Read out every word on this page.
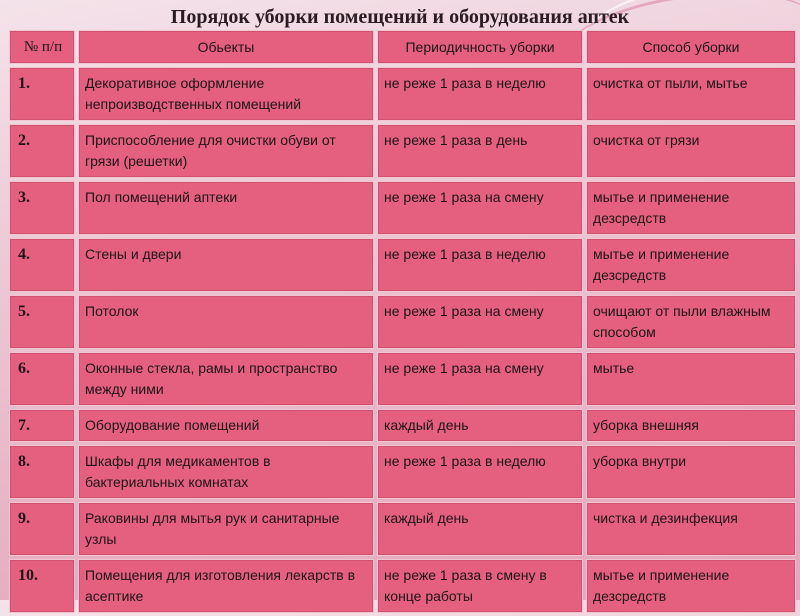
Порядок уборки помещений и оборудования аптек
№ п/п	Обьекты	Периодичность уборки	Способ уборки
1.	Декоративное оформление непроизводственных помещений	не реже 1 раза в неделю	очистка от пыли, мытье
2.	Приспособление для очистки обуви от грязи (решетки)	не реже 1 раза в день	очистка от грязи
3.	Пол помещений аптеки	не реже 1 раза на смену	мытье и применение дезсредств
4.	Стены и двери	не реже 1 раза в неделю	мытье и применение дезсредств
5.	Потолок	не реже 1 раза на смену	очищают от пыли влажным способом
6.	Оконные стекла, рамы и пространство между ними	не реже 1 раза на смену	мытье
7.	Оборудование помещений	каждый день	уборка внешняя
8.	Шкафы для медикаментов в бактериальных комнатах	не реже 1 раза в неделю	уборка внутри
9.	Раковины для мытья рук и санитарные узлы	каждый день	чистка и дезинфекция
10.	Помещения для изготовления лекарств в асептике	не реже 1 раза в смену в конце работы	мытье и применение дезсредств
